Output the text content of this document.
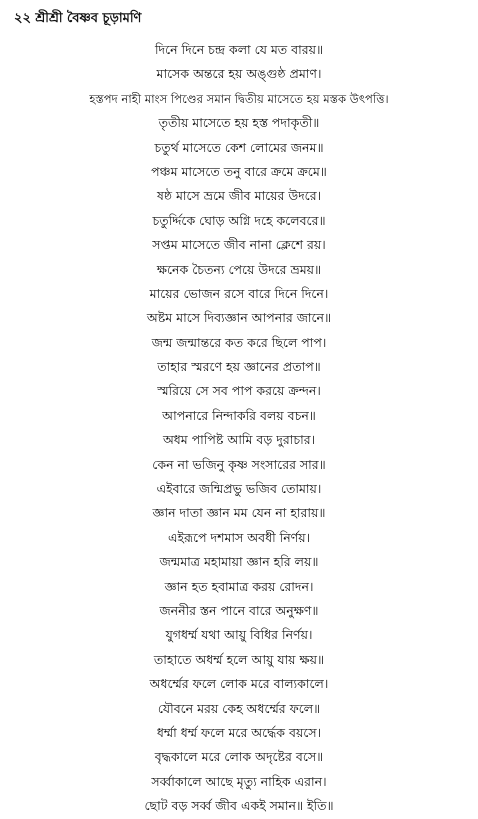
২২ শ্রীশ্রী বৈষ্ণব চূড়ামণি
দিনে দিনে চন্দ্র কলা যে মত বারয়॥
মাসেক অন্তরে হয় অঙ্গুষ্ঠ প্রমাণ।
হস্তপদ নাহী মাংস পিণ্ডের সমান দ্বিতীয় মাসেতে হয় মস্তক উৎপত্তি।
তৃতীয় মাসেতে হয় হস্ত পদাকৃতী॥
চতুর্থ মাসেতে কেশ লোমের জনম॥
পঞ্চম মাসেতে তনু বারে ক্রমে ক্রমে॥
ষষ্ঠ মাসে ভ্রমে জীব মায়ের উদরে।
চতুর্দ্দিকে ঘোড় অগ্নি দহে কলেবরে॥
সপ্তম মাসেতে জীব নানা ক্লেশে রয়।
ক্ষনেক চৈতন্য পেয়ে উদরে ভ্রময়॥
মায়ের ভোজন রসে বারে দিনে দিনে।
অষ্টম মাসে দিব্যজ্ঞান আপনার জানে॥
জন্ম জন্মান্তরে কত করে ছিলে পাপ।
তাহার স্মরণে হয় জ্ঞানের প্রতাপ॥
স্মরিয়ে সে সব পাপ করয়ে ক্রন্দন।
আপনারে নিন্দাকরি বলয় বচন॥
অধম পাপিষ্ট আমি বড় দুরাচার।
কেন না ভজিনু কৃষ্ণ সংসারের সার॥
এইবারে জন্মিপ্রভু ভজিব তোমায়।
জ্ঞান দাতা জ্ঞান মম যেন না হারায়॥
এইরূপে দশমাস অবধী নির্ণয়।
জন্মমাত্র মহামায়া জ্ঞান হরি লয়॥
জ্ঞান হত হবামাত্র করয় রোদন।
জননীর স্তন পানে বারে অনুক্ষণ॥
যুগধর্ম্ম যথা আয়ু বিধির নির্ণয়।
তাহাতে অধর্ম্ম হলে আয়ু যায় ক্ষয়॥
অধর্ম্মের ফলে লোক মরে বাল্যকালে।
যৌবনে মরয় কেহ অধর্ম্মের ফলে॥
ধর্ম্মা ধর্ম্ম ফলে মরে অর্দ্ধেক বয়সে।
বৃদ্ধকালে মরে লোক অদৃষ্টের বসে॥
সর্ব্বাকালে আছে মৃত্যু নাহিক এরান।
ছোট বড় সর্ব্ব জীব একই সমান॥ ইতি॥
